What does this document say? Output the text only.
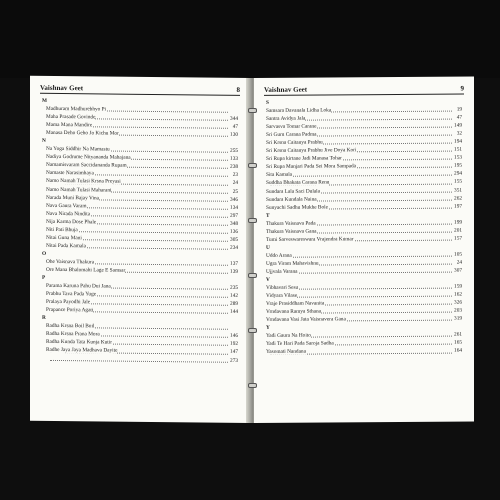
Vaishnav Geet	8
M
Madhuram Madhurebhyo Pi
Maha Prasade Govinde	344
Mama Mana Mandire	47
Manasa Deho Geho Jo Kichu Mor	130
N
Na Yoga Siddhir Na Mamastu	255
Nadiya Godrume Nityananda Mahajana	133
Namamisvaram Saccidananda Rupam	238
Namaste Narasimhaya	23
Namo Namah Tulasi Krsna Preyasi	24
Namo Namah Tulasi Maharani	25
Narada Muni Bajay Vina	346
Nava Gaura Varam	134
Nava Nirada Nindita	297
Nija Karma Dose Phale	348
Niti Pati Bhuja	136
Nitai Guna Mani	305
Nitai Pada Kamala	234
O
Ohe Vaisnava Thakura	137
Ore Mana Bhalomahi Lage E Samsar	139
P
Parama Karuna Pahu Dui Jana	235
Prabhu Tava Pada Yuge	142
Pralaya Payodhi Jale	289
Prapance Poriya Agati	144
R
Radha Krsna Boil Boil
Radha Krsna Prana Mora	146
Radha Kunda Tata Kunja Kutir	192
Radhe Jaya Jaya Madhava Dayite	147
273
Vaishnav Geet	9
S
Samsara Davanala Lidha Loka	19
Santra Avidya Jala	47
Sarvasva Tomar Carane	149
Sri Guru Carana Padma	32
Sri Krsna Caitanya Prabhu	194
Sri Krsna Caitanya Prabhu Jive Doya Kori	151
Sri Rupa kirtane Jadi Manasa Tohar	153
Sri Rupa Manjari Pada Sei Mora Sampada	195
Sita Kamala	294
Suddha Bhakata Carana Renu	155
Sundara Lala Saci Dulala	351
Sundara Kundala Naina	262
Sunyachi Sadhu Mukhe Bole	197
T
Thakura Vaisnava Pada	199
Thakura Vaisnava Gana	201
Tumi Sarveswareswara Vrajendra Kumar	157
U
Uddo Arana	105
Ugra Viram Mahavishnu	24
Ujjvala Varana	307
V
Vibhavari Sesu	159
Vidyara Vilase	162
Vraje Prasiddham Navanita	326
Vrndavana Ramya Sthana	203
Vrndavana Vasi Jata Vaisnavera Gana	319
Y
Yadi Gaura Na Hoito	261
Yadi Te Hari Pada Saroja Sadha	165
Yasomati Nandana	164
